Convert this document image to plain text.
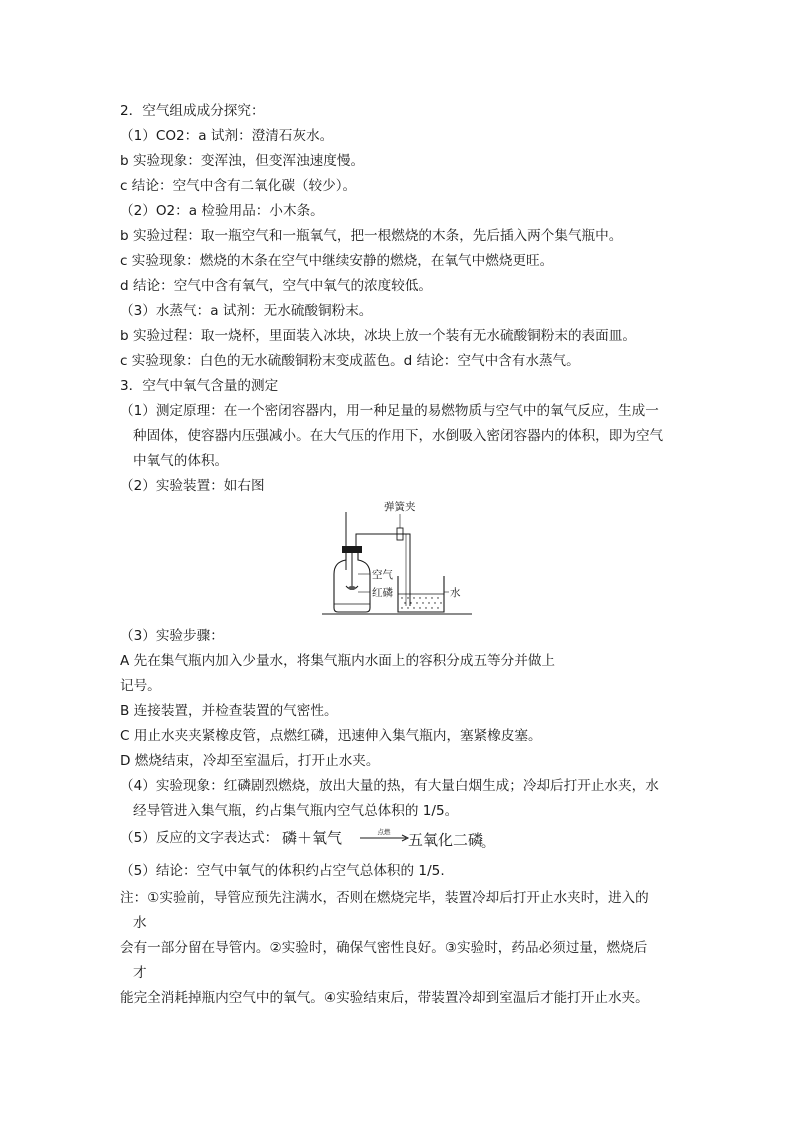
2．空气组成成分探究：
（1）CO2：a 试剂：澄清石灰水。
b 实验现象：变浑浊，但变浑浊速度慢。
c 结论：空气中含有二氧化碳（较少）。
（2）O2：a 检验用品：小木条。
b 实验过程：取一瓶空气和一瓶氧气，把一根燃烧的木条，先后插入两个集气瓶中。
c 实验现象：燃烧的木条在空气中继续安静的燃烧，在氧气中燃烧更旺。
d 结论：空气中含有氧气，空气中氧气的浓度较低。
（3）水蒸气：a 试剂：无水硫酸铜粉末。
b 实验过程：取一烧杯，里面装入冰块，冰块上放一个装有无水硫酸铜粉末的表面皿。
c 实验现象：白色的无水硫酸铜粉末变成蓝色。d 结论：空气中含有水蒸气。
3．空气中氧气含量的测定
（1）测定原理：在一个密闭容器内，用一种足量的易燃物质与空气中的氧气反应，生成一
种固体，使容器内压强减小。在大气压的作用下，水倒吸入密闭容器内的体积，即为空气
中氧气的体积。
（2）实验装置：如右图
弹簧夹
空气
红磷	水
（3）实验步骤：
A 先在集气瓶内加入少量水，将集气瓶内水面上的容积分成五等分并做上
记号。
B 连接装置，并检查装置的气密性。
C 用止水夹夹紧橡皮管，点燃红磷，迅速伸入集气瓶内，塞紧橡皮塞。
D 燃烧结束，冷却至室温后，打开止水夹。
（4）实验现象：红磷剧烈燃烧，放出大量的热，有大量白烟生成；冷却后打开止水夹，水
经导管进入集气瓶，约占集气瓶内空气总体积的 1/5。
（5）反应的文字表达式： 磷＋氧气	点燃 五氧化二磷
。
（5）结论：空气中氧气的体积约占空气总体积的 1/5.
注：①实验前，导管应预先注满水，否则在燃烧完毕，装置冷却后打开止水夹时，进入的
水
会有一部分留在导管内。②实验时，确保气密性良好。③实验时，药品必须过量，燃烧后
才
能完全消耗掉瓶内空气中的氧气。④实验结束后，带装置冷却到室温后才能打开止水夹。
